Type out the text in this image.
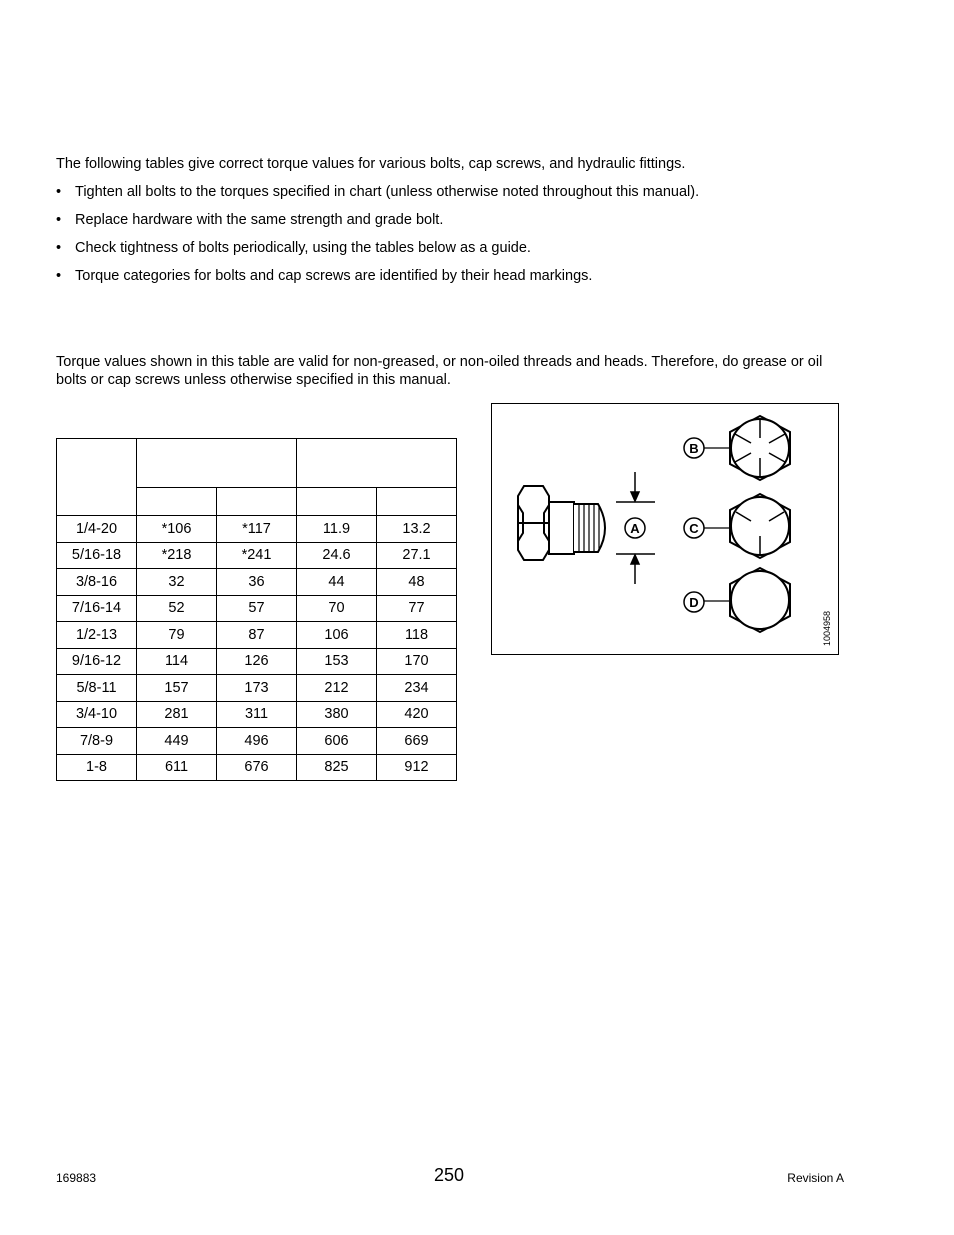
The following tables give correct torque values for various bolts, cap screws, and hydraulic fittings.

• Tighten all bolts to the torques specified in chart (unless otherwise noted throughout this manual).
• Replace hardware with the same strength and grade bolt.
• Check tightness of bolts periodically, using the tables below as a guide.
• Torque categories for bolts and cap screws are identified by their head markings.

Torque values shown in this table are valid for non-greased, or non-oiled threads and heads. Therefore, do grease or oil bolts or cap screws unless otherwise specified in this manual.

1/4-20	*106	*117	11.9	13.2
5/16-18	*218	*241	24.6	27.1
3/8-16	32	36	44	48
7/16-14	52	57	70	77
1/2-13	79	87	106	118
9/16-12	114	126	153	170
5/8-11	157	173	212	234
3/4-10	281	311	380	420
7/8-9	449	496	606	669
1-8	611	676	825	912
A
B
C
D
1004958
169883	250	Revision A
